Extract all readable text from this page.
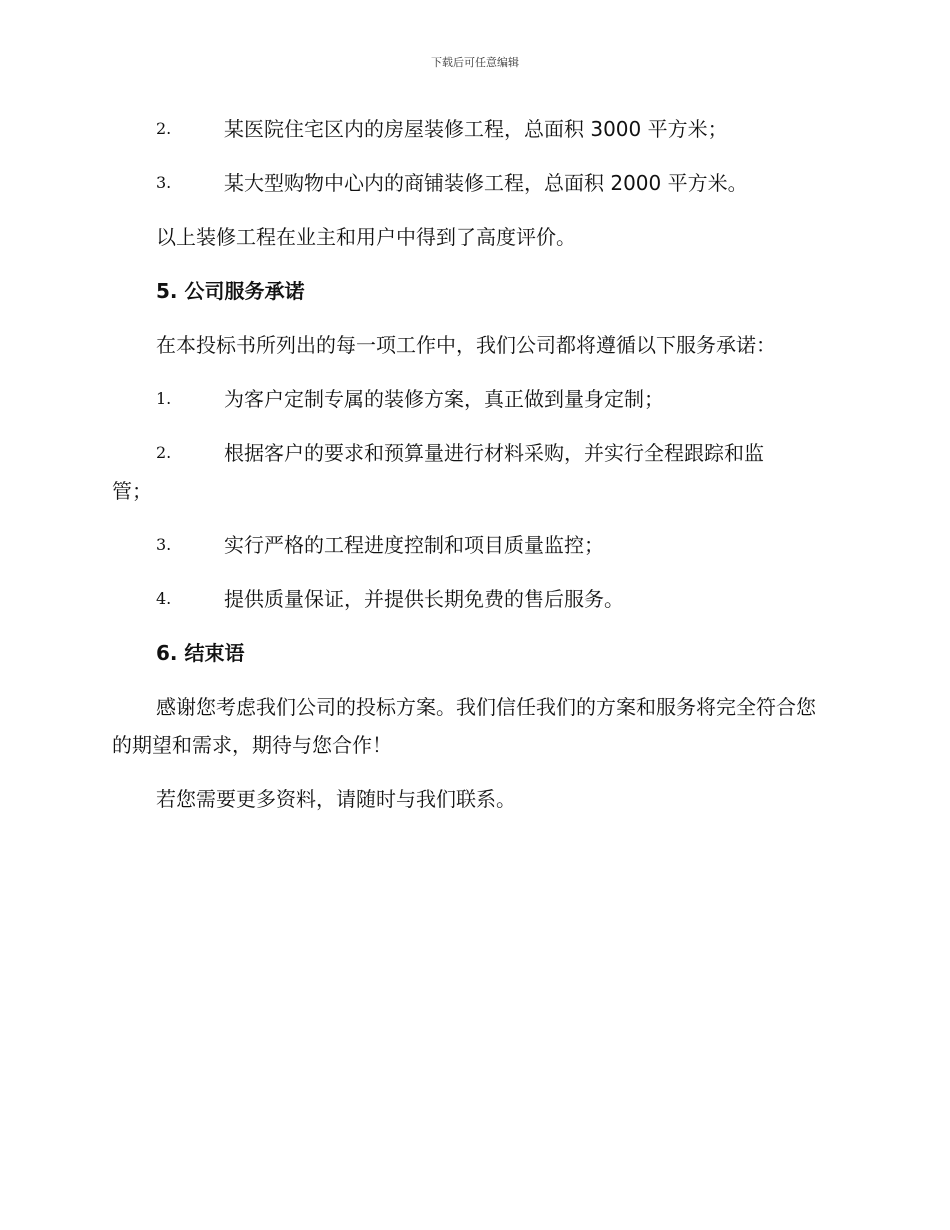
下载后可任意编辑
2.	某医院住宅区内的房屋装修工程，总面积 3000 平方米；
3.	某大型购物中心内的商铺装修工程，总面积 2000 平方米。
以上装修工程在业主和用户中得到了高度评价。
5. 公司服务承诺
在本投标书所列出的每一项工作中，我们公司都将遵循以下服务承诺：
1.	为客户定制专属的装修方案，真正做到量身定制；
2.	根据客户的要求和预算量进行材料采购，并实行全程跟踪和监
管；
3.	实行严格的工程进度控制和项目质量监控；
4.	提供质量保证，并提供长期免费的售后服务。
6. 结束语
感谢您考虑我们公司的投标方案。我们信任我们的方案和服务将完全符合您的期望和需求，期待与您合作！
若您需要更多资料，请随时与我们联系。
